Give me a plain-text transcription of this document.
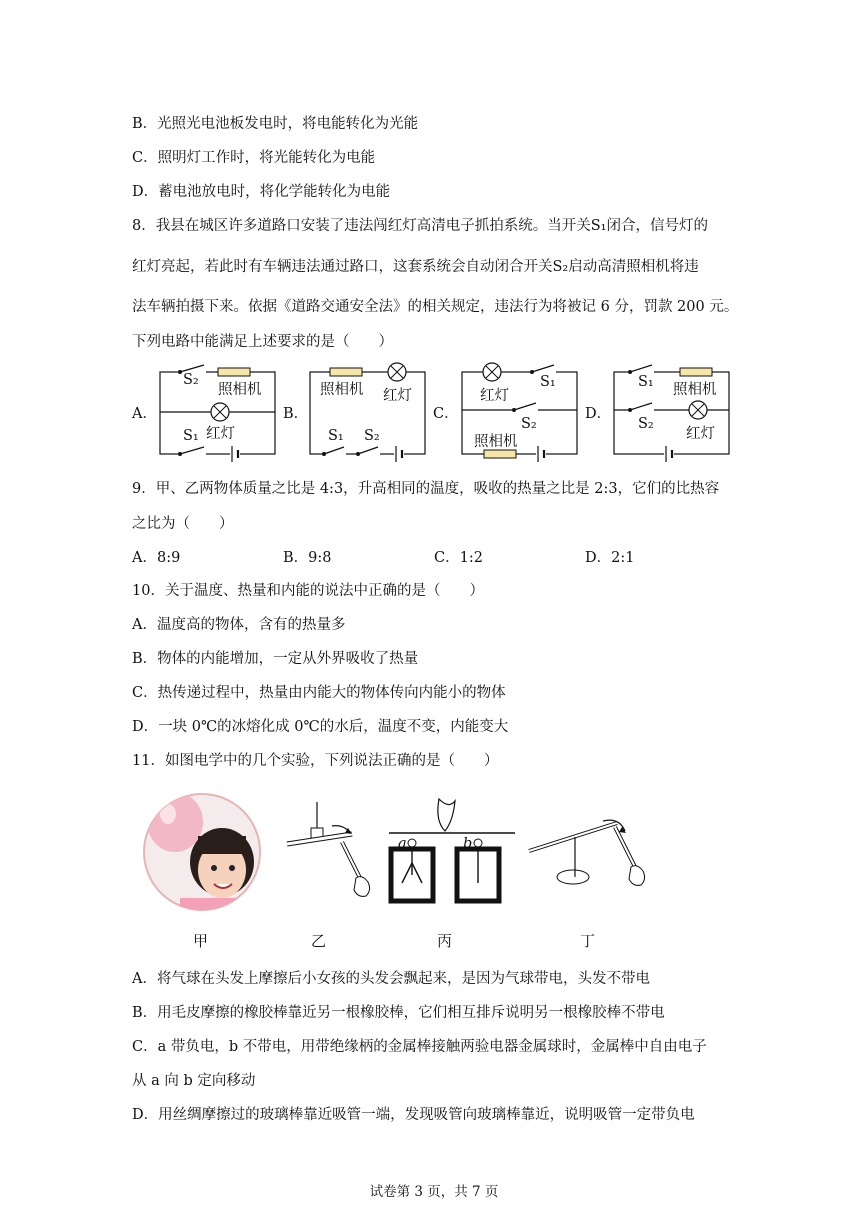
B．光照光电池板发电时，将电能转化为光能
C．照明灯工作时，将光能转化为电能
D．蓄电池放电时，将化学能转化为电能
8．我县在城区许多道路口安装了违法闯红灯高清电子抓拍系统。当开关S₁闭合，信号灯的
红灯亮起，若此时有车辆违法通过路口，这套系统会自动闭合开关S₂启动高清照相机将违
法车辆拍摄下来。依据《道路交通安全法》的相关规定，违法行为将被记 6 分，罚款 200 元。
下列电路中能满足上述要求的是（　　）
A．
S₂
照相机
红灯
S₁
B．
照相机 红灯
S₁ S₂
C．
红灯
S₁
S₂
照相机
D．
S₁ 照相机
S₂
红灯
9．甲、乙两物体质量之比是 4:3，升高相同的温度，吸收的热量之比是 2:3，它们的比热容
之比为（　　）
A．8:9	B．9:8	C．1:2	D．2:1
10．关于温度、热量和内能的说法中正确的是（　　）
A．温度高的物体，含有的热量多
B．物体的内能增加，一定从外界吸收了热量
C．热传递过程中，热量由内能大的物体传向内能小的物体
D．一块 0℃的冰熔化成 0℃的水后，温度不变，内能变大
11．如图电学中的几个实验，下列说法正确的是（　　）
a	b
甲	乙	丙	丁
A．将气球在头发上摩擦后小女孩的头发会飘起来，是因为气球带电，头发不带电
B．用毛皮摩擦的橡胶棒靠近另一根橡胶棒，它们相互排斥说明另一根橡胶棒不带电
C．a 带负电，b 不带电，用带绝缘柄的金属棒接触两验电器金属球时，金属棒中自由电子
从 a 向 b 定向移动
D．用丝绸摩擦过的玻璃棒靠近吸管一端，发现吸管向玻璃棒靠近，说明吸管一定带负电
试卷第 3 页，共 7 页
